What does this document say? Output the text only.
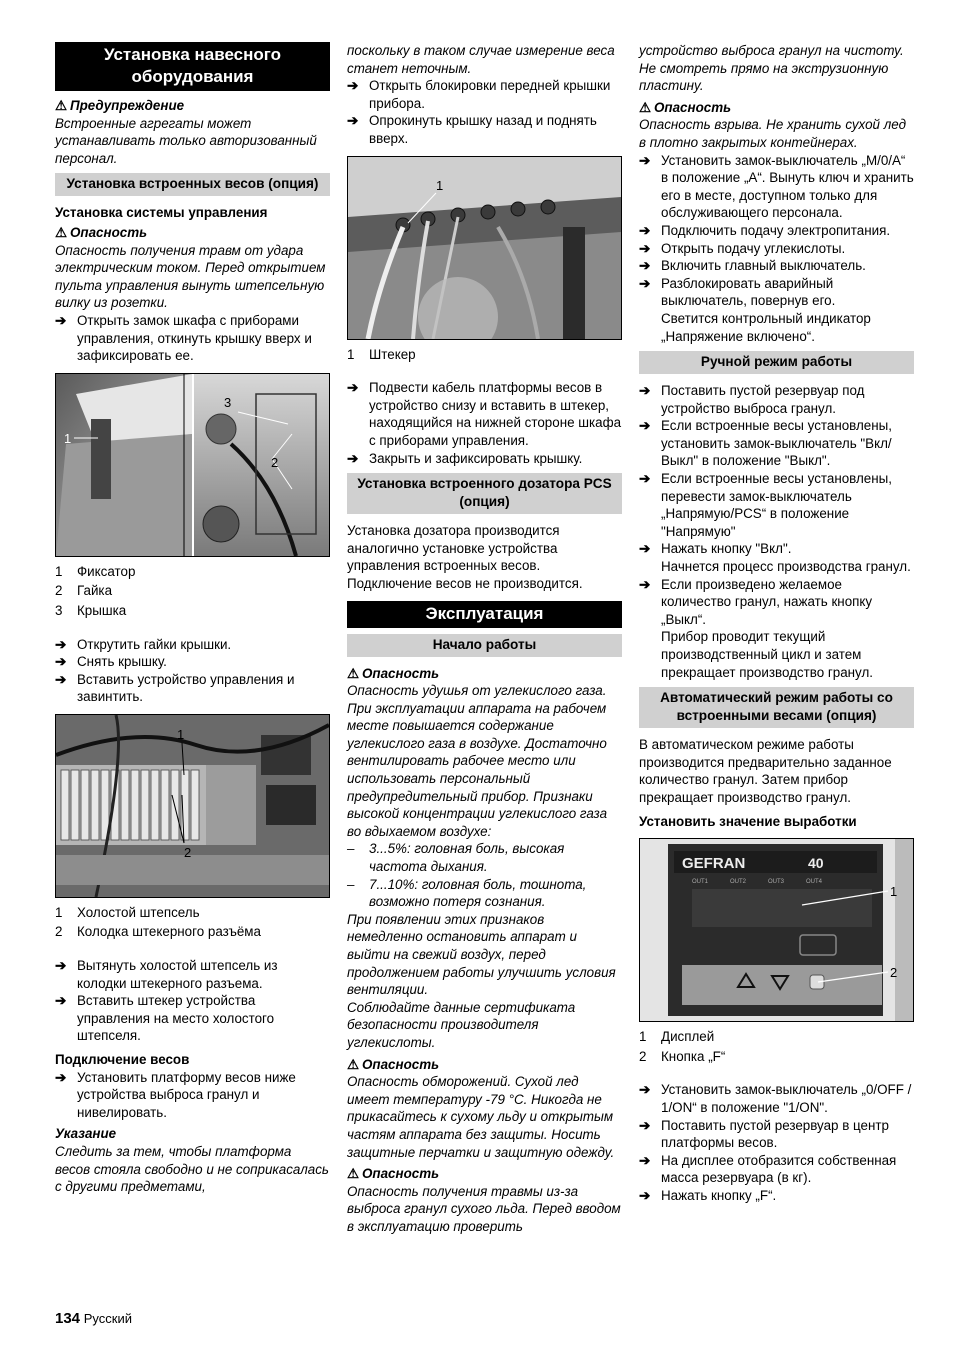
Установка навесного оборудования
⚠ Предупреждение

Встроенные агрегаты может устанавливать только авторизованный персонал.

Установка встроенных весов (опция)

Установка системы управления

⚠ Опасность

Опасность получения травм от удара электрическим током. Перед открытием пульта управления вынуть штепсельную вилку из розетки.

➔ Открыть замок шкафа с приборами управления, откинуть крышку вверх и зафиксировать ее.
1
3
2
1 Фиксатор
2 Гайка
3 Крышка
➔ Открутить гайки крышки.
➔ Снять крышку.
➔ Вставить устройство управления и завинтить.
1
2
1 Холостой штепсель
2 Колодка штекерного разъёма
➔ Вытянуть холостой штепсель из колодки штекерного разъема.
➔ Вставить штекер устройства управления на место холостого штепселя.

Подключение весов

➔ Установить платформу весов ниже устройства выброса гранул и нивелировать.

Указание

Следить за тем, чтобы платформа весов стояла свободно и не соприкасалась с другими предметами,

поскольку в таком случае измерение веса станет неточным.

➔ Открыть блокировки передней крышки прибора.
➔ Опрокинуть крышку назад и поднять вверх.
1
1 Штекер
➔ Подвести кабель платформы весов в устройство снизу и вставить в штекер, находящийся на нижней стороне шкафа с приборами управления.
➔ Закрыть и зафиксировать крышку.
Установка встроенного дозатора PCS (опция)

Установка дозатора производится аналогично установке устройства управления встроенных весов. Подключение весов не производится.

Эксплуатация
Начало работы
⚠ Опасность

Опасность удушья от углекислого газа. При эксплуатации аппарата на рабочем месте повышается содержание углекислого газа в воздухе. Достаточно вентилировать рабочее место или использовать персональный предупредительный прибор. Признаки высокой концентрации углекислого газа во вдыхаемом воздухе:

– 3...5%: головная боль, высокая частота дыхания.
– 7...10%: головная боль, тошнота, возможно потеря сознания.

При появлении этих признаков немедленно остановить аппарат и выйти на свежий воздух, перед продолжением работы улучшить условия вентиляции.

Соблюдайте данные сертификата безопасности производителя углекислоты.

⚠ Опасность

Опасность обморожений. Сухой лед имеет температуру -79 °С. Никогда не прикасайтесь к сухому льду и открытым частям аппарата без защиты. Носить защитные перчатки и защитную одежду.

⚠ Опасность

Опасность получения травмы из-за выброса гранул сухого льда. Перед вводом в эксплуатацию проверить

устройство выброса гранул на чистоту. Не смотреть прямо на экструзионную пластину.

⚠ Опасность

Опасность взрыва. Не хранить сухой лед в плотно закрытых контейнерах.

➔ Установить замок-выключатель „M/0/A“ в положение „A“. Вынуть ключ и хранить его в месте, доступном только для обслуживающего персонала.
➔ Подключить подачу электропитания.
➔ Открыть подачу углекислоты.
➔ Включить главный выключатель.
➔ Разблокировать аварийный выключатель, повернув его.

Светится контрольный индикатор „Напряжение включено“.

Ручной режим работы
➔ Поставить пустой резервуар под устройство выброса гранул.
➔ Если встроенные весы установлены, установить замок-выключатель "Вкл/Выкл" в положение "Выкл".
➔ Если встроенные весы установлены, перевести замок-выключатель „Напрямую/PCS“ в положение "Напрямую"
➔ Нажать кнопку "Вкл".

Начнется процесс производства гранул.

➔ Если произведено желаемое количество гранул, нажать кнопку „Выкл“.

Прибор проводит текущий производственный цикл и затем прекращает производство гранул.

Автоматический режим работы со встроенными весами (опция)

В автоматическом режиме работы производится предварительно заданное количество гранул. Затем прибор прекращает производство гранул.

Установить значение выработки

GEFRAN	40
OUT1	OUT2	OUT3	OUT4
1
2
1 Дисплей
2 Кнопка „F“
➔ Установить замок-выключатель „0/OFF / 1/ON“ в положение "1/ON".
➔ Поставить пустой резервуар в центр платформы весов.
➔ На дисплее отобразится собственная масса резервуара (в кг).
➔ Нажать кнопку „F“.
134 Русский
